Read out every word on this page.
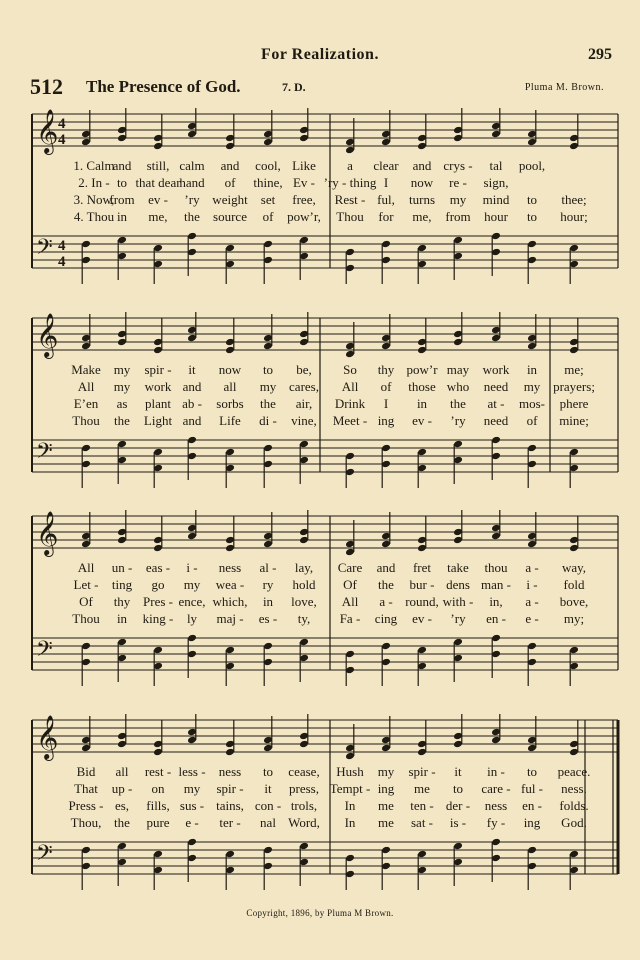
For Realization.	295
512 The Presence of God.	7. D.	Pluma M. Brown.
𝄞
𝄢
4
4
4
4
1. Calm
and still, calm and cool, Like a clear and crys - tal pool,
2. In - to that dear
hand of thine, Ev - ’ry - thing I now re - sign,
3. Now,
from ev - ’ry weight set free, Rest - ful, turns my mind to thee;
4. Thou in me, the source of pow’r, Thou for me, from hour to hour;
𝄞
𝄢
Make my spir - it now to be, So thy pow’r may work in me;
All my work and all my cares, All of those who need my prayers;
E’en as plant ab - sorbs the air, Drink I in the at - mos- phere
Thou the Light and Life di - vine, Meet - ing ev - ’ry need of mine;
𝄞
𝄢
All un - eas - i - ness al - lay, Care and fret take thou a - way,
Let - ting go my wea - ry hold Of the bur - dens man - i - fold
Of thy Pres - ence, which, in love, All a - round, with - in, a - bove,
Thou in king - ly maj - es - ty, Fa - cing ev - ’ry en - e - my;
𝄞
𝄢
Bid all rest - less - ness to cease, Hush my spir - it in - to peace.
That up - on my spir - it press, Tempt - ing me to care - ful - ness.
Press - es, fills, sus - tains, con - trols, In me ten - der - ness en - folds.
Thou, the pure e - ter - nal Word, In me sat - is - fy - ing God.
Copyright, 1896, by Pluma M Brown.
